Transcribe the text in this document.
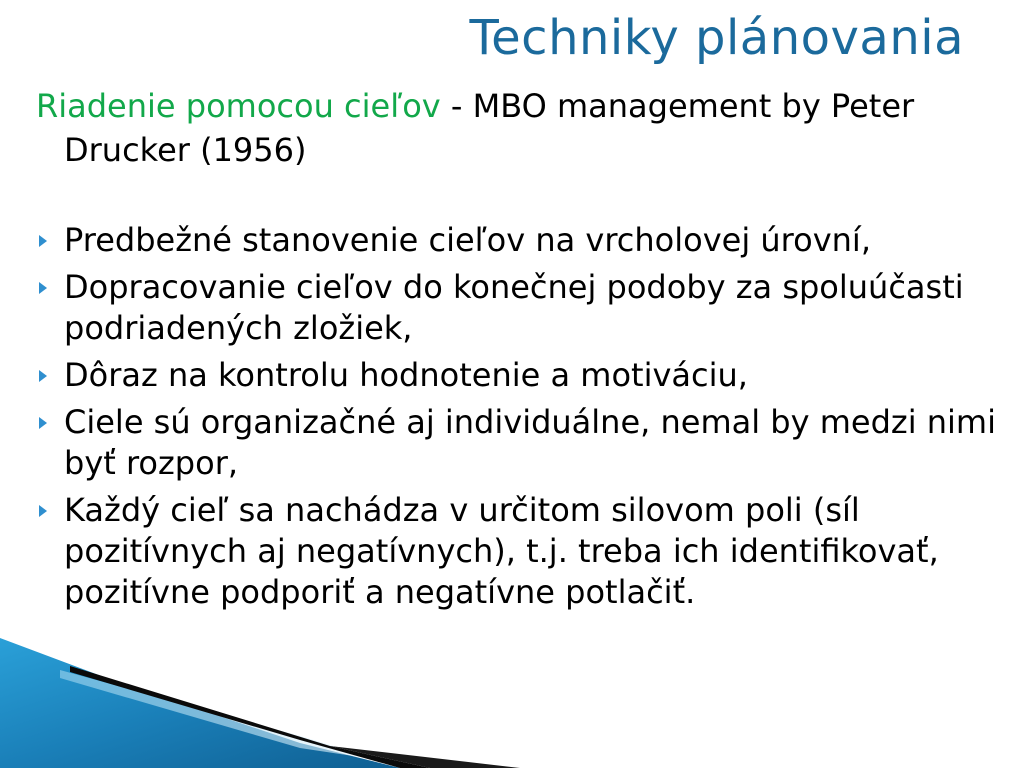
Techniky plánovania

Riadenie pomocou cieľov - MBO management by Peter Drucker (1956)

Predbežné stanovenie cieľov na vrcholovej úrovní,
Dopracovanie cieľov do konečnej podoby za spoluúčasti podriadených zložiek,
Dôraz na kontrolu hodnotenie a motiváciu,
Ciele sú organizačné aj individuálne, nemal by medzi nimi byť rozpor,
Každý cieľ sa nachádza v určitom silovom poli (síl pozitívnych aj negatívnych), t.j. treba ich identifikovať, pozitívne podporiť a negatívne potlačiť.
